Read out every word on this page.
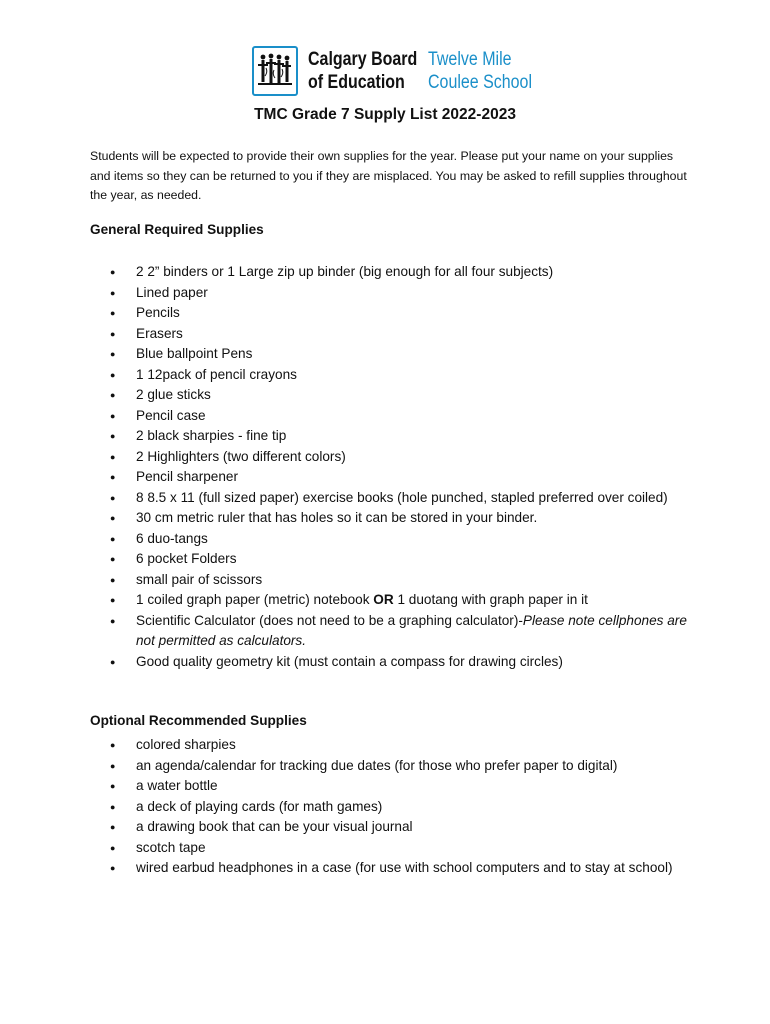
Calgary Board
of Education
Twelve Mile
Coulee School
TMC Grade 7 Supply List 2022-2023

Students will be expected to provide their own supplies for the year. Please put your name on your supplies and items so they can be returned to you if they are misplaced. You may be asked to refill supplies throughout the year, as needed.

General Required Supplies

● 2 2” binders or 1 Large zip up binder (big enough for all four subjects)
● Lined paper
● Pencils
● Erasers
● Blue ballpoint Pens
● 1 12pack of pencil crayons
● 2 glue sticks
● Pencil case
● 2 black sharpies - fine tip
● 2 Highlighters (two different colors)
● Pencil sharpener
● 8 8.5 x 11 (full sized paper) exercise books (hole punched, stapled preferred over coiled)
● 30 cm metric ruler that has holes so it can be stored in your binder.
● 6 duo-tangs
● 6 pocket Folders
● small pair of scissors
● 1 coiled graph paper (metric) notebook OR 1 duotang with graph paper in it
● Scientific Calculator (does not need to be a graphing calculator)-Please note cellphones are not permitted as calculators.
● Good quality geometry kit (must contain a compass for drawing circles)

Optional Recommended Supplies

● colored sharpies
● an agenda/calendar for tracking due dates (for those who prefer paper to digital)
● a water bottle
● a deck of playing cards (for math games)
● a drawing book that can be your visual journal
● scotch tape
● wired earbud headphones in a case (for use with school computers and to stay at school)
